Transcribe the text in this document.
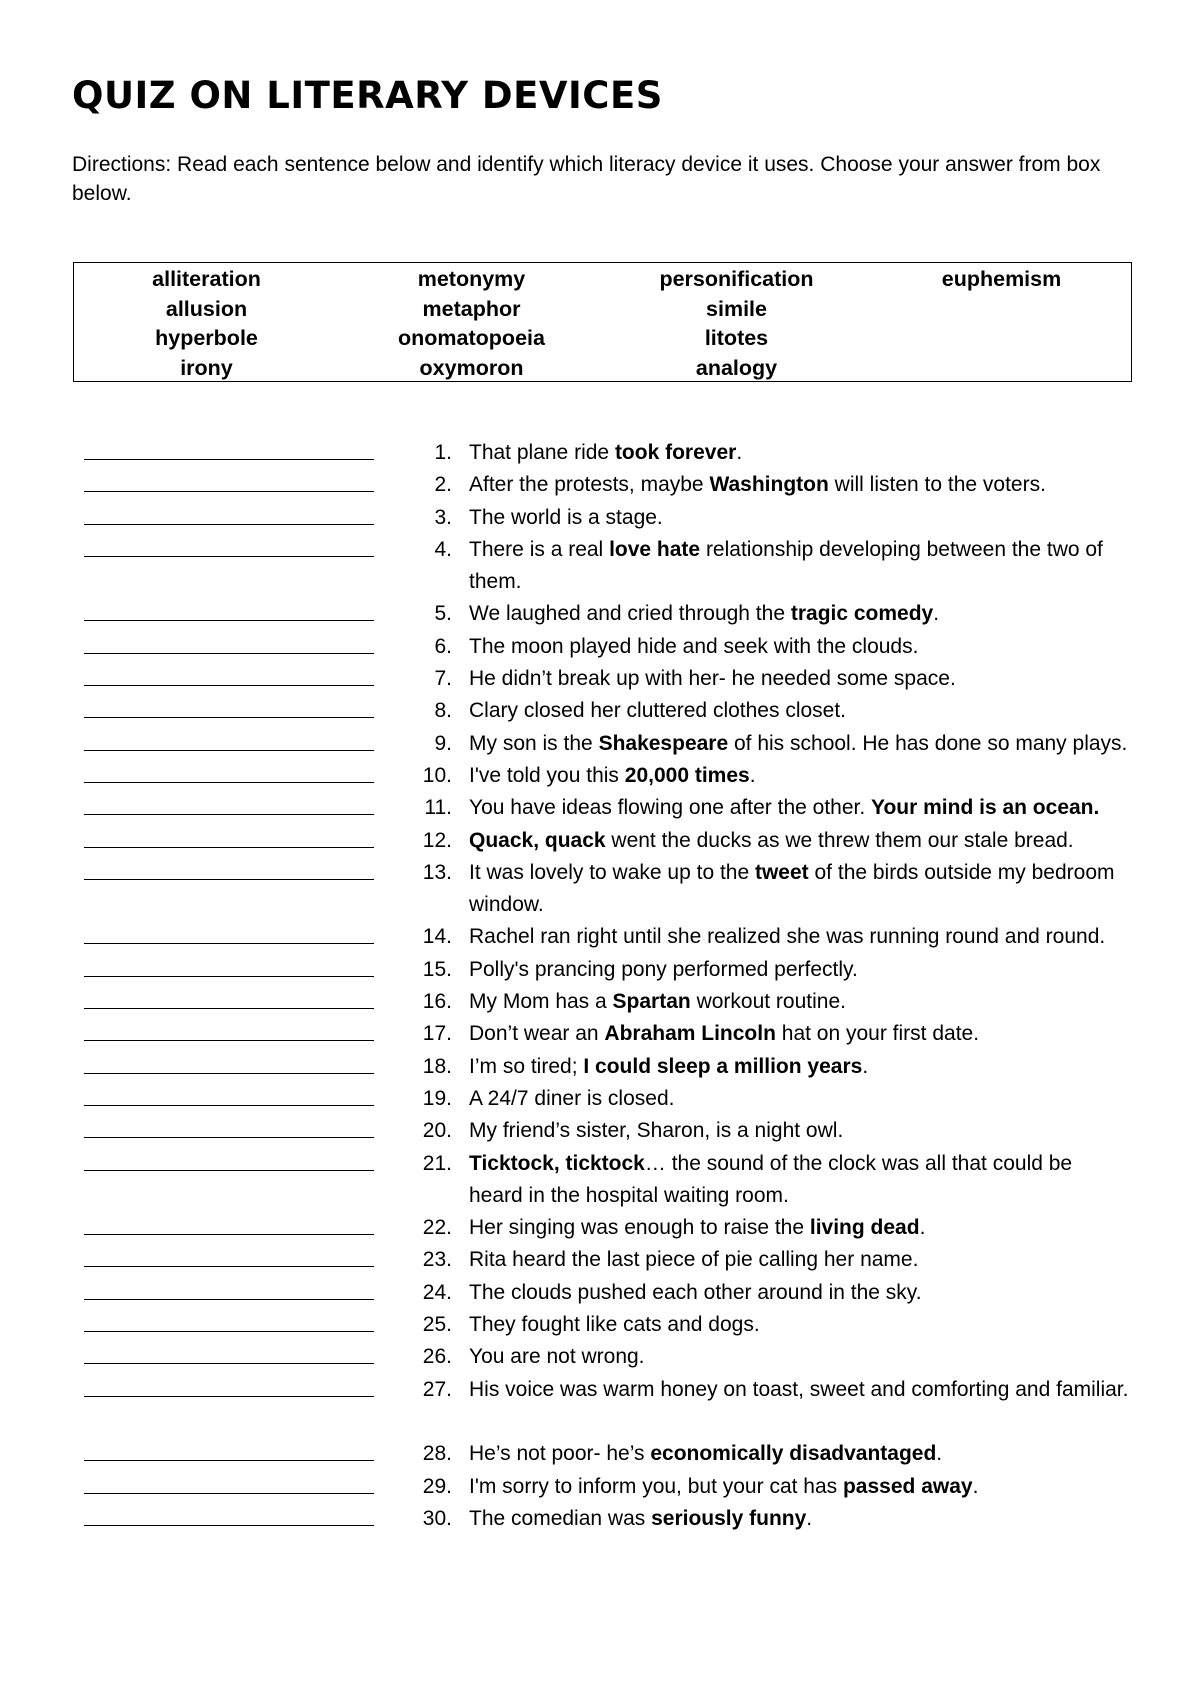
QUIZ ON LITERARY DEVICES

Directions: Read each sentence below and identify which literacy device it uses. Choose your answer from box below.

alliteration
allusion
hyperbole
irony
metonymy
metaphor
onomatopoeia
oxymoron
personification
simile
litotes
analogy
euphemism
1. That plane ride took forever.
2. After the protests, maybe Washington will listen to the voters.
3. The world is a stage.
4. There is a real love hate relationship developing between the two of them.
5. We laughed and cried through the tragic comedy.
6. The moon played hide and seek with the clouds.
7. He didn’t break up with her- he needed some space.
8. Clary closed her cluttered clothes closet.
9. My son is the Shakespeare of his school. He has done so many plays.
10. I've told you this 20,000 times.
11. You have ideas flowing one after the other. Your mind is an ocean.
12. Quack, quack went the ducks as we threw them our stale bread.
13. It was lovely to wake up to the tweet of the birds outside my bedroom window.
14. Rachel ran right until she realized she was running round and round.
15. Polly's prancing pony performed perfectly.
16. My Mom has a Spartan workout routine.
17. Don’t wear an Abraham Lincoln hat on your first date.
18. I’m so tired; I could sleep a million years.
19. A 24/7 diner is closed.
20. My friend’s sister, Sharon, is a night owl.
21. Ticktock, ticktock… the sound of the clock was all that could be heard in the hospital waiting room.
22. Her singing was enough to raise the living dead.
23. Rita heard the last piece of pie calling her name.
24. The clouds pushed each other around in the sky.
25. They fought like cats and dogs.
26. You are not wrong.
27. His voice was warm honey on toast, sweet and comforting and familiar.
28. He’s not poor- he’s economically disadvantaged.
29. I'm sorry to inform you, but your cat has passed away.
30. The comedian was seriously funny.
